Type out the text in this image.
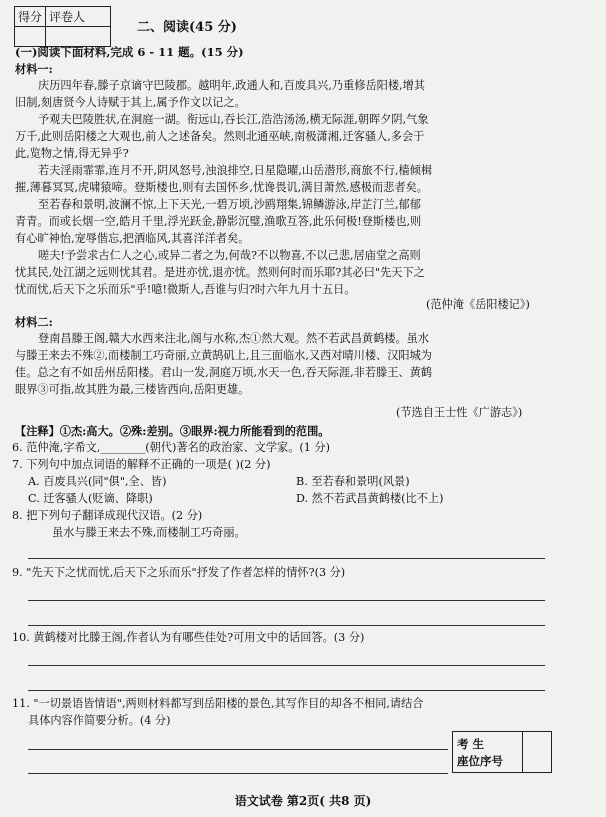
得分	评卷人

二、阅读(45 分)
(一)阅读下面材料,完成 6 - 11 题。(15 分)
材料一:
庆历四年春,滕子京谪守巴陵郡。越明年,政通人和,百废具兴,乃重修岳阳楼,增其
旧制,刻唐贤今人诗赋于其上,属予作文以记之。
予观夫巴陵胜状,在洞庭一湖。衔远山,吞长江,浩浩汤汤,横无际涯,朝晖夕阴,气象
万千,此则岳阳楼之大观也,前人之述备矣。然则北通巫峡,南极潇湘,迁客骚人,多会于
此,览物之情,得无异乎?
若夫淫雨霏霏,连月不开,阴风怒号,浊浪排空,日星隐曜,山岳潜形,商旅不行,樯倾楫
摧,薄暮冥冥,虎啸猿啼。登斯楼也,则有去国怀乡,忧谗畏讥,满目萧然,感极而悲者矣。
至若春和景明,波澜不惊,上下天光,一碧万顷,沙鸥翔集,锦鳞游泳,岸芷汀兰,郁郁
青青。而或长烟一空,皓月千里,浮光跃金,静影沉璧,渔歌互答,此乐何极!登斯楼也,则
有心旷神怡,宠辱偕忘,把酒临风,其喜洋洋者矣。
嗟夫!予尝求古仁人之心,或异二者之为,何哉?不以物喜,不以己悲,居庙堂之高则
忧其民,处江湖之远则忧其君。是进亦忧,退亦忧。然则何时而乐耶?其必曰"先天下之
忧而忧,后天下之乐而乐"乎!噫!微斯人,吾谁与归?时六年九月十五日。
(范仲淹《岳阳楼记》)
材料二:
登南昌滕王阁,赣大水西来注北,阁与水称,杰①然大观。然不若武昌黄鹤楼。虽水
与滕王来去不殊②,而楼制工巧奇丽,立黄鹄矶上,且三面临水,又西对晴川楼、汉阳城为
佳。总之有不如岳州岳阳楼。君山一发,洞庭万顷,水天一色,吞天际涯,非若滕王、黄鹤
眼界③可指,故其胜为最,三楼皆西向,岳阳更雄。
(节选自王士性《广游志》)
【注释】①杰:高大。②殊:差别。③眼界:视力所能看到的范围。
6. 范仲淹,字希文,________(朝代)著名的政治家、文学家。(1 分)
7. 下列句中加点词语的解释不正确的一项是( )(2 分)
A. 百废具兴(同"俱",全、皆)	B. 至若春和景明(风景)
C. 迁客骚人(贬谪、降职)	D. 然不若武昌黄鹤楼(比不上)
8. 把下列句子翻译成现代汉语。(2 分)
虽水与滕王来去不殊,而楼制工巧奇丽。
9. "先天下之忧而忧,后天下之乐而乐"抒发了作者怎样的情怀?(3 分)
10. 黄鹤楼对比滕王阁,作者认为有哪些佳处?可用文中的话回答。(3 分)
11. "一切景语皆情语",两则材料都写到岳阳楼的景色,其写作目的却各不相同,请结合
具体内容作简要分析。(4 分)
考 生
座位序号
语文试卷 第2页( 共8 页)
